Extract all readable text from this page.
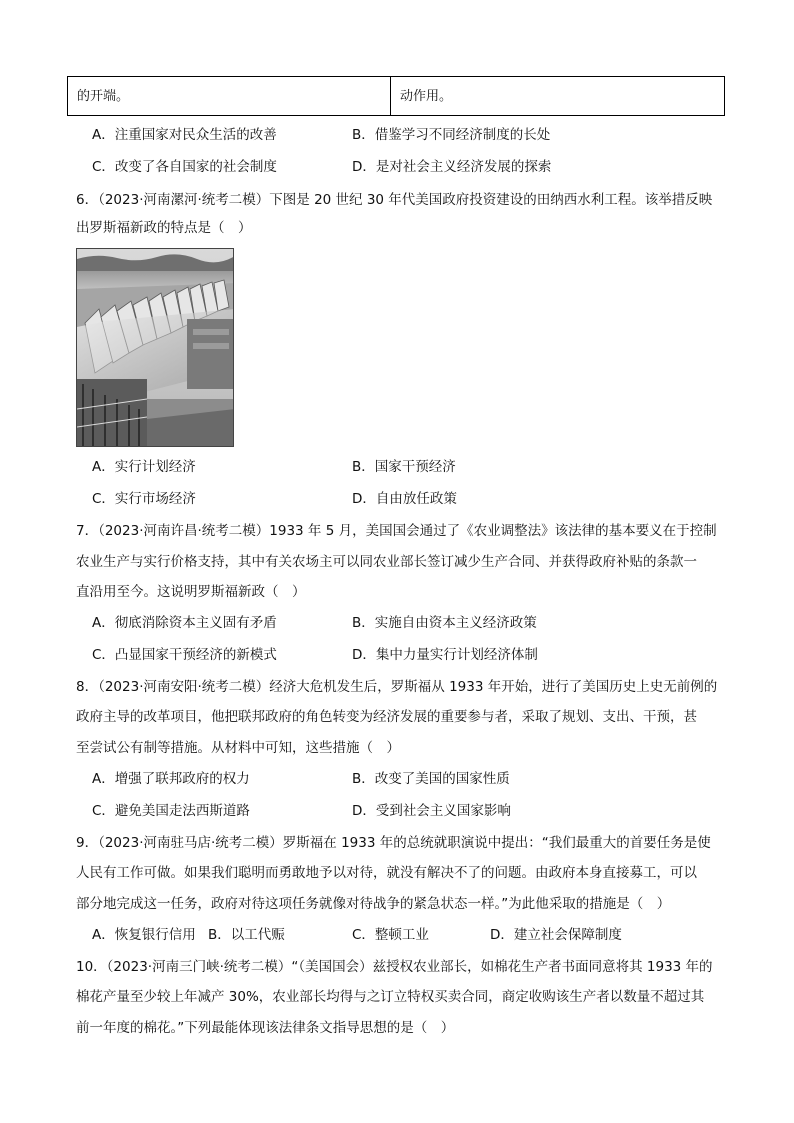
的开端。	动作用。
A．注重国家对民众生活的改善	B．借鉴学习不同经济制度的长处
C．改变了各自国家的社会制度	D．是对社会主义经济发展的探索
6．（2023·河南漯河·统考二模）下图是 20 世纪 30 年代美国政府投资建设的田纳西水利工程。该举措反映
出罗斯福新政的特点是（　）
A．实行计划经济	B．国家干预经济
C．实行市场经济	D．自由放任政策
7．（2023·河南许昌·统考二模）1933 年 5 月，美国国会通过了《农业调整法》该法律的基本要义在于控制
农业生产与实行价格支持，其中有关农场主可以同农业部长签订减少生产合同、并获得政府补贴的条款一
直沿用至今。这说明罗斯福新政（　）
A．彻底消除资本主义固有矛盾	B．实施自由资本主义经济政策
C．凸显国家干预经济的新模式	D．集中力量实行计划经济体制
8．（2023·河南安阳·统考二模）经济大危机发生后，罗斯福从 1933 年开始，进行了美国历史上史无前例的
政府主导的改革项目，他把联邦政府的角色转变为经济发展的重要参与者，采取了规划、支出、干预，甚
至尝试公有制等措施。从材料中可知，这些措施（　）
A．增强了联邦政府的权力	B．改变了美国的国家性质
C．避免美国走法西斯道路	D．受到社会主义国家影响
9．（2023·河南驻马店·统考二模）罗斯福在 1933 年的总统就职演说中提出：“我们最重大的首要任务是使
人民有工作可做。如果我们聪明而勇敢地予以对待，就没有解决不了的问题。由政府本身直接募工，可以
部分地完成这一任务，政府对待这项任务就像对待战争的紧急状态一样。”为此他采取的措施是（　）
A．恢复银行信用 B．以工代赈	C．整顿工业	D．建立社会保障制度
10．（2023·河南三门峡·统考二模）“（美国国会）兹授权农业部长，如棉花生产者书面同意将其 1933 年的
棉花产量至少较上年减产 30%，农业部长均得与之订立特权买卖合同，商定收购该生产者以数量不超过其
前一年度的棉花。”下列最能体现该法律条文指导思想的是（　）
